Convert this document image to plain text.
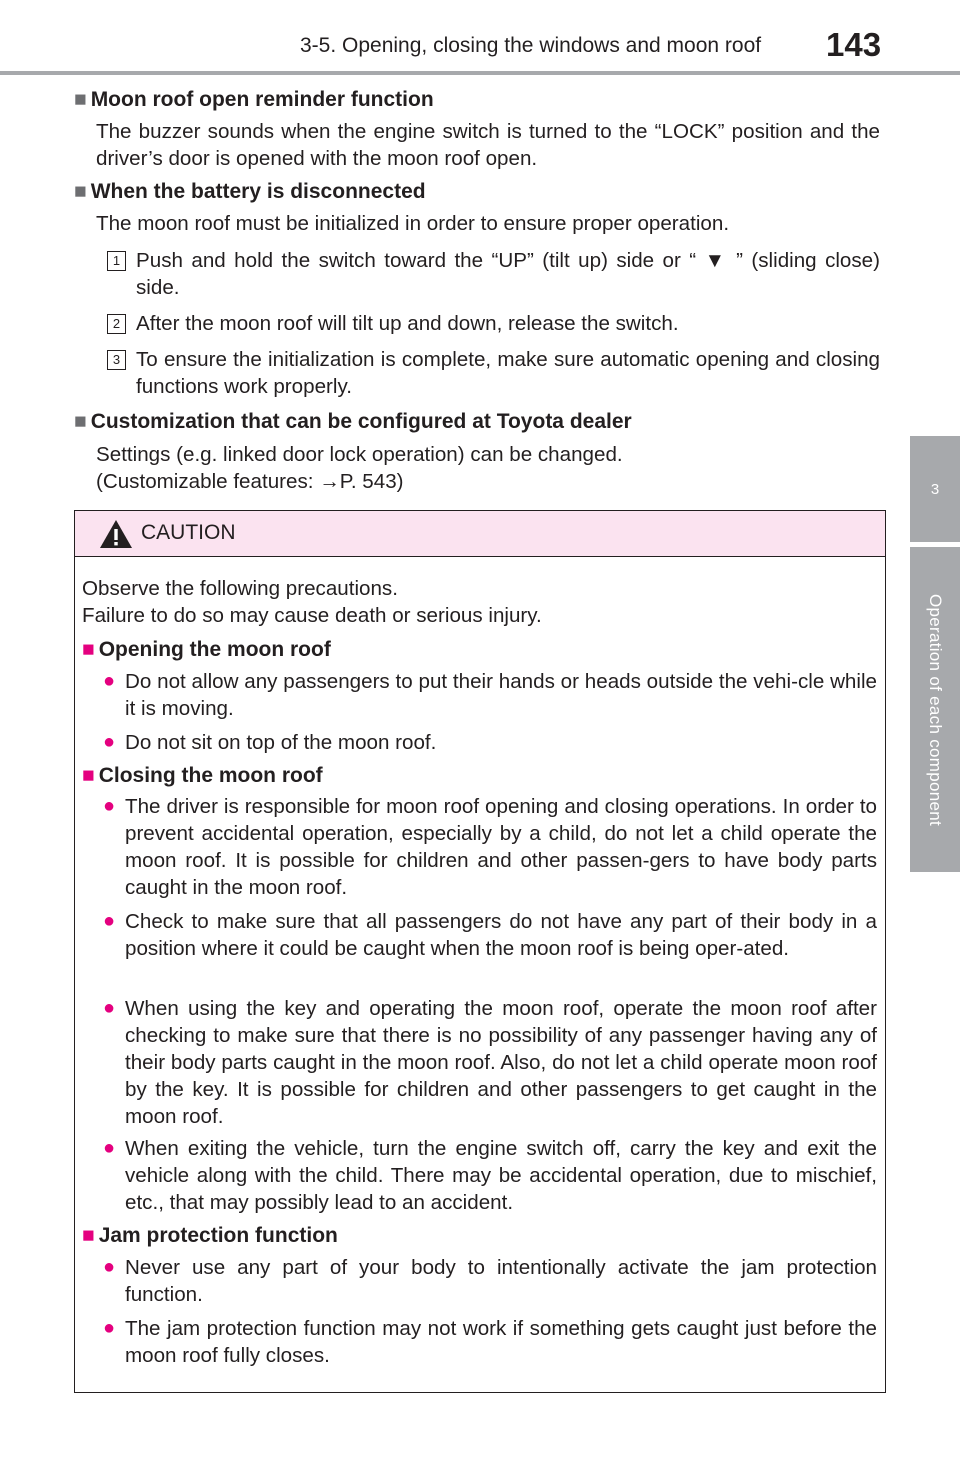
3-5. Opening, closing the windows and moon roof 143
3
Operation of each component
■ Moon roof open reminder function
The buzzer sounds when the engine switch is turned to the “LOCK” position and the driver’s door is opened with the moon roof open.
■ When the battery is disconnected
The moon roof must be initialized in order to ensure proper operation.
1 Push and hold the switch toward the “UP” (tilt up) side or “ ▼ ” (sliding close) side.
2 After the moon roof will tilt up and down, release the switch.
3 To ensure the initialization is complete, make sure automatic opening and closing functions work properly.
■ Customization that can be configured at Toyota dealer
Settings (e.g. linked door lock operation) can be changed.
(Customizable features: →P. 543)
CAUTION
Observe the following precautions.
Failure to do so may cause death or serious injury.
■ Opening the moon roof
● Do not allow any passengers to put their hands or heads outside the vehi-cle while it is moving.
● Do not sit on top of the moon roof.
■ Closing the moon roof
● The driver is responsible for moon roof opening and closing operations. In order to prevent accidental operation, especially by a child, do not let a child operate the moon roof. It is possible for children and other passen-gers to have body parts caught in the moon roof.
● Check to make sure that all passengers do not have any part of their body in a position where it could be caught when the moon roof is being oper-ated.
● When using the key and operating the moon roof, operate the moon roof after checking to make sure that there is no possibility of any passenger having any of their body parts caught in the moon roof. Also, do not let a child operate moon roof by the key. It is possible for children and other passengers to get caught in the moon roof.
● When exiting the vehicle, turn the engine switch off, carry the key and exit the vehicle along with the child. There may be accidental operation, due to mischief, etc., that may possibly lead to an accident.
■ Jam protection function
● Never use any part of your body to intentionally activate the jam protection function.
● The jam protection function may not work if something gets caught just before the moon roof fully closes.
